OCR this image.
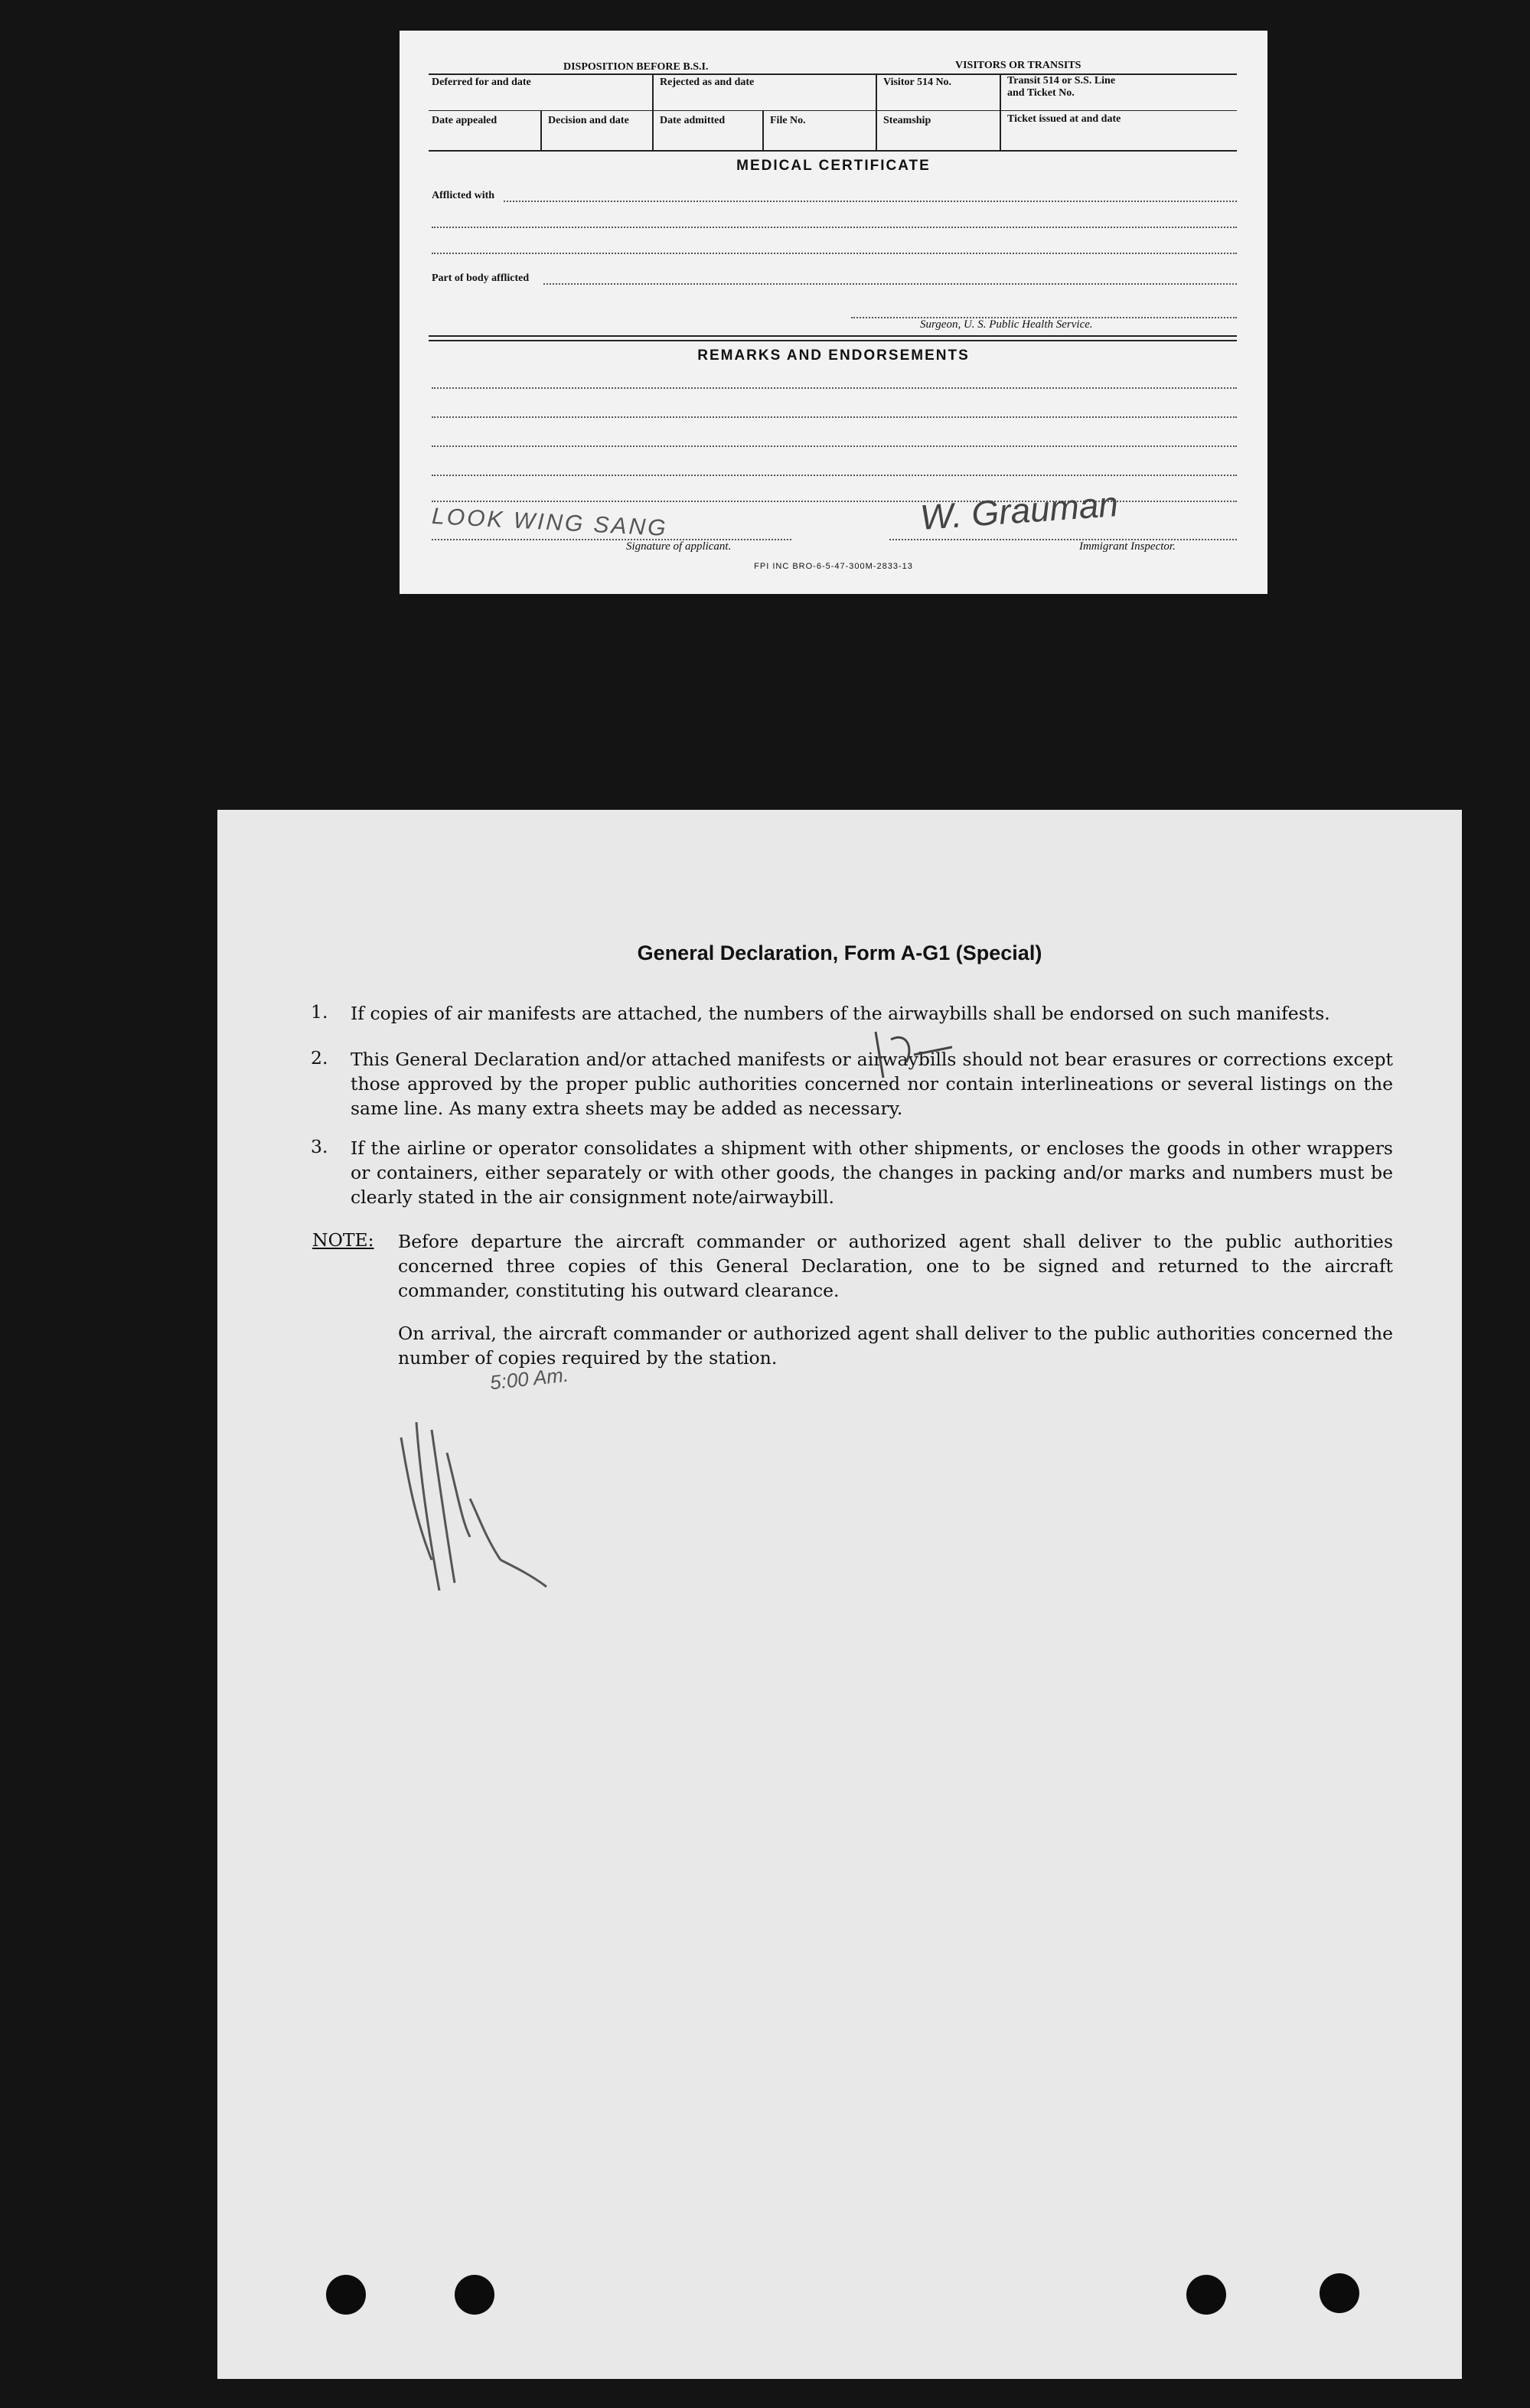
DISPOSITION BEFORE B.S.I.	VISITORS OR TRANSITS
Deferred for and date	Rejected as and date	Visitor 514 No.	Transit 514 or S.S. Line
and Ticket No.
Date appealed	Decision and date	Date admitted	File No.	Steamship	Ticket issued at and date
MEDICAL CERTIFICATE
Afflicted with
Part of body afflicted
Surgeon, U. S. Public Health Service.
REMARKS AND ENDORSEMENTS
LOOK WING SANG
Signature of applicant.
W. Grauman
Immigrant Inspector.
FPI INC BRO-6-5-47-300M-2833-13
General Declaration, Form A-G1 (Special)
1. If copies of air manifests are attached, the numbers of the airwaybills shall be endorsed on such manifests.
2. This General Declaration and/or attached manifests or airwaybills should not bear erasures or corrections except those approved by the proper public authorities concerned nor contain interlineations or several listings on the same line. As many extra sheets may be added as necessary.
3. If the airline or operator consolidates a shipment with other shipments, or encloses the goods in other wrappers or containers, either separately or with other goods, the changes in packing and/or marks and numbers must be clearly stated in the air consignment note/airwaybill.
NOTE: Before departure the aircraft commander or authorized agent shall deliver to the public authorities concerned three copies of this General Declaration, one to be signed and returned to the aircraft commander, constituting his outward clearance.
On arrival, the aircraft commander or authorized agent shall deliver to the public authorities concerned the number of copies required by the station.
5:00 Am.
